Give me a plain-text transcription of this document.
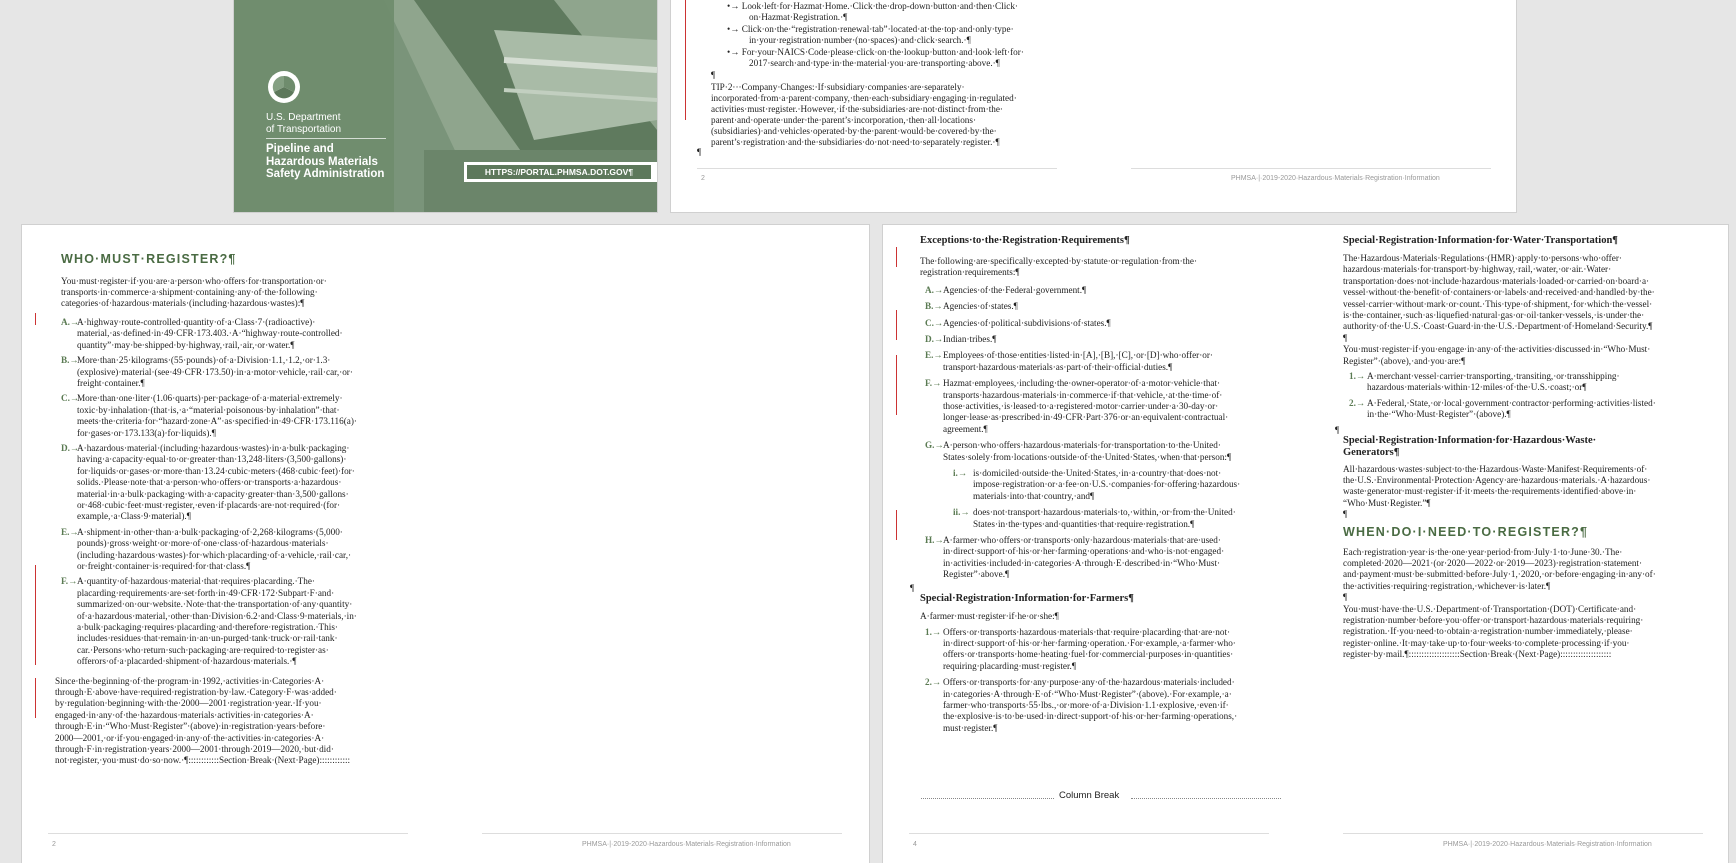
U.S. Department
of Transportation
Pipeline and
Hazardous Materials
Safety Administration	HTTPS://PORTAL.PHMSA.DOT.GOV¶
•→ Look·left·for·Hazmat·Home.·Click·the·drop-down·button·and·then·Click·
on·Hazmat·Registration.·¶
•→ Click·on·the·“registration·renewal·tab”·located·at·the·top·and·only·type·
in·your·registration·number·(no·spaces)·and·click·search.·¶
•→ For·your·NAICS·Code·please·click·on·the·lookup·button·and·look·left·for·
2017·search·and·type·in·the·material·you·are·transporting·above.·¶
¶
TIP·2···Company·Changes:·If·subsidiary·companies·are·separately·
incorporated·from·a·parent·company,·then·each·subsidiary·engaging·in·regulated·
activities·must·register.·However,·if·the·subsidiaries·are·not·distinct·from·the·
parent·and·operate·under·the·parent’s·incorporation,·then·all·locations·
(subsidiaries)·and·vehicles·operated·by·the·parent·would·be·covered·by·the·
parent’s·registration·and·the·subsidiaries·do·not·need·to·separately·register.·¶
¶
2	PHMSA·|·2019-2020·Hazardous·Materials·Registration·Information
WHO·MUST·REGISTER?¶
You·must·register·if·you·are·a·person·who·offers·for·transportation·or·
transports·in·commerce·a·shipment·containing·any·of·the·following·
categories·of·hazardous·materials·(including·hazardous·wastes):¶
2	PHMSA·|·2019-2020·Hazardous·Materials·Registration·Information
A.→
A·highway·route-controlled·quantity·of·a·Class·7·(radioactive)·
material,·as·defined·in·49·CFR·173.403.·A·“highway·route-controlled·
quantity”·may·be·shipped·by·highway,·rail,·air,·or·water.¶
B.→
More·than·25·kilograms·(55·pounds)·of·a·Division·1.1,·1.2,·or·1.3·
(explosive)·material·(see·49·CFR·173.50)·in·a·motor·vehicle,·rail·car,·or·
freight·container.¶
C.→
More·than·one·liter·(1.06·quarts)·per·package·of·a·material·extremely·
toxic·by·inhalation·(that·is,·a·“material·poisonous·by·inhalation”·that·
meets·the·criteria·for·“hazard·zone·A”·as·specified·in·49·CFR·173.116(a)·
for·gases·or·173.133(a)·for·liquids).¶
D.→
A·hazardous·material·(including·hazardous·wastes)·in·a·bulk·packaging·
having·a·capacity·equal·to·or·greater·than·13,248·liters·(3,500·gallons)·
for·liquids·or·gases·or·more·than·13.24·cubic·meters·(468·cubic·feet)·for·
solids.·Please·note·that·a·person·who·offers·or·transports·a·hazardous·
material·in·a·bulk·packaging·with·a·capacity·greater·than·3,500·gallons·
or·468·cubic·feet·must·register,·even·if·placards·are·not·required·(for·
example,·a·Class·9·material).¶
E.→
A·shipment·in·other·than·a·bulk·packaging·of·2,268·kilograms·(5,000·
pounds)·gross·weight·or·more·of·one·class·of·hazardous·materials·
(including·hazardous·wastes)·for·which·placarding·of·a·vehicle,·rail·car,·
or·freight·container·is·required·for·that·class.¶
F.→ A·quantity·of·hazardous·material·that·requires·placarding.·The·
placarding·requirements·are·set·forth·in·49·CFR·172·Subpart·F·and·
summarized·on·our·website.·Note·that·the·transportation·of·any·quantity·
of·a·hazardous·material,·other·than·Division·6.2·and·Class·9·materials,·in·
a·bulk·packaging·requires·placarding·and·therefore·registration.·This·
includes·residues·that·remain·in·an·un-purged·tank·truck·or·rail·tank·
car.·Persons·who·return·such·packaging·are·required·to·register·as·
offerors·of·a·placarded·shipment·of·hazardous·materials.·¶
Since·the·beginning·of·the·program·in·1992,·activities·in·Categories·A·
through·E·above·have·required·registration·by·law.·Category·F·was·added·
by·regulation·beginning·with·the·2000—2001·registration·year.·If·you·
engaged·in·any·of·the·hazardous·materials·activities·in·categories·A·
through·E·in·“Who·Must·Register”·(above)·in·registration·years·before·
2000—2001,·or·if·you·engaged·in·any·of·the·activities·in·categories·A·
through·F·in·registration·years·2000—2001·through·2019—2020,·but·did·
not·register,·you·must·do·so·now.·¶::::::::::::Section·Break·(Next·Page)::::::::::::
Column Break
4	PHMSA·|·2019-2020·Hazardous·Materials·Registration·Information
Exceptions·to·the·Registration·Requirements¶
The·following·are·specifically·excepted·by·statute·or·regulation·from·the·
registration·requirements:¶
A.→ Agencies·of·the·Federal·government.¶
B.→ Agencies·of·states.¶
C.→ Agencies·of·political·subdivisions·of·states.¶
D.→ Indian·tribes.¶
E.→ Employees·of·those·entities·listed·in·[A],·[B],·[C],·or·[D]·who·offer·or·
transport·hazardous·materials·as·part·of·their·official·duties.¶
F.→ Hazmat·employees,·including·the·owner-operator·of·a·motor·vehicle·that·
transports·hazardous·materials·in·commerce·if·that·vehicle,·at·the·time·of·
those·activities,·is·leased·to·a·registered·motor·carrier·under·a·30-day·or·
longer·lease·as·prescribed·in·49·CFR·Part·376·or·an·equivalent·contractual·
agreement.¶
G.→ A·person·who·offers·hazardous·materials·for·transportation·to·the·United·
States·solely·from·locations·outside·of·the·United·States,·when·that·person:¶
i.→ is·domiciled·outside·the·United·States,·in·a·country·that·does·not·
impose·registration·or·a·fee·on·U.S.·companies·for·offering·hazardous·
materials·into·that·country,·and¶
ii.→ does·not·transport·hazardous·materials·to,·within,·or·from·the·United·
States·in·the·types·and·quantities·that·require·registration.¶
H.→ A·farmer·who·offers·or·transports·only·hazardous·materials·that·are·used·
in·direct·support·of·his·or·her·farming·operations·and·who·is·not·engaged·
in·activities·included·in·categories·A·through·E·described·in·“Who·Must·
Register”·above.¶
¶
Special·Registration·Information·for·Farmers¶
A·farmer·must·register·if·he·or·she:¶
1.→ Offers·or·transports·hazardous·materials·that·require·placarding·that·are·not·
in·direct·support·of·his·or·her·farming·operation.·For·example,·a·farmer·who·
offers·or·transports·home·heating·fuel·for·commercial·purposes·in·quantities·
requiring·placarding·must·register.¶
2.→ Offers·or·transports·for·any·purpose·any·of·the·hazardous·materials·included·
in·categories·A·through·E·of·“Who·Must·Register”·(above).·For·example,·a·
farmer·who·transports·55·lbs.,·or·more·of·a·Division·1.1·explosive,·even·if·
the·explosive·is·to·be·used·in·direct·support·of·his·or·her·farming·operations,·
must·register.¶
Special·Registration·Information·for·Water·Transportation¶
The·Hazardous·Materials·Regulations·(HMR)·apply·to·persons·who·offer·
hazardous·materials·for·transport·by·highway,·rail,·water,·or·air.·Water·
transportation·does·not·include·hazardous·materials·loaded·or·carried·on·board·a·
vessel·without·the·benefit·of·containers·or·labels·and·received·and·handled·by·the·
vessel·carrier·without·mark·or·count.·This·type·of·shipment,·for·which·the·vessel·
is·the·container,·such·as·liquefied·natural·gas·or·oil·tanker·vessels,·is·under·the·
authority·of·the·U.S.·Coast·Guard·in·the·U.S.·Department·of·Homeland·Security.¶
¶
You·must·register·if·you·engage·in·any·of·the·activities·discussed·in·“Who·Must·
Register”·(above),·and·you·are:¶
1.→ A·merchant·vessel·carrier·transporting,·transiting,·or·transshipping·
hazardous·materials·within·12·miles·of·the·U.S.·coast;·or¶
2.→ A·Federal,·State,·or·local·government·contractor·performing·activities·listed·
in·the·“Who·Must·Register”·(above).¶
¶
Special·Registration·Information·for·Hazardous·Waste·
Generators¶
All·hazardous·wastes·subject·to·the·Hazardous·Waste·Manifest·Requirements·of·
the·U.S.·Environmental·Protection·Agency·are·hazardous·materials.·A·hazardous·
waste·generator·must·register·if·it·meets·the·requirements·identified·above·in·
“Who·Must·Register.”¶
¶
WHEN·DO·I·NEED·TO·REGISTER?¶
Each·registration·year·is·the·one·year·period·from·July·1·to·June·30.·The·
completed·2020—2021·(or·2020—2022·or·2019—2023)·registration·statement·
and·payment·must·be·submitted·before·July·1,·2020,·or·before·engaging·in·any·of·
the·activities·requiring·registration,·whichever·is·later.¶
¶
You·must·have·the·U.S.·Department·of·Transportation·(DOT)·Certificate·and·
registration·number·before·you·offer·or·transport·hazardous·materials·requiring·
registration.·If·you·need·to·obtain·a·registration·number·immediately,·please·
register·online.·It·may·take·up·to·four·weeks·to·complete·processing·if·you·
register·by·mail.¶::::::::::::::::::::Section·Break·(Next·Page)::::::::::::::::::::
